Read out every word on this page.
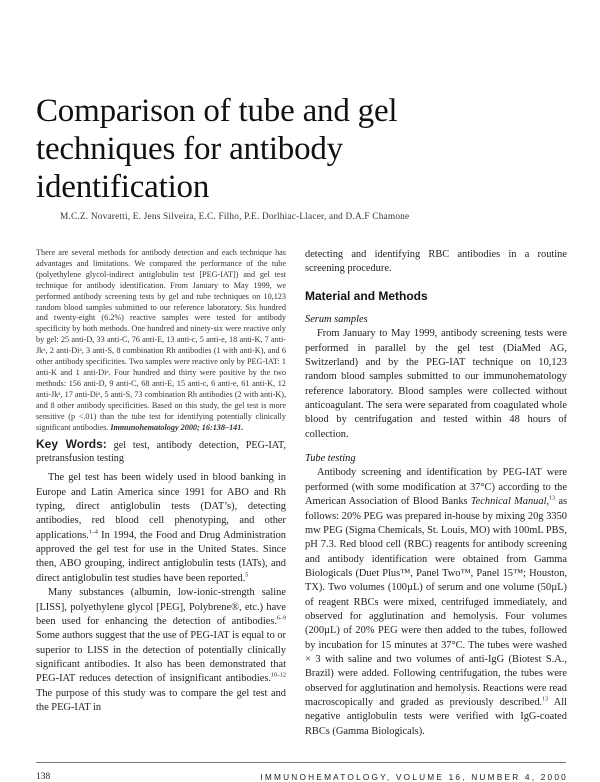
Comparison of tube and gel
techniques for antibody
identification
M.C.Z. Novaretti, E. Jens Silveira, E.C. Filho, P.E. Dorlhiac-Llacer, and D.A.F Chamone
There are several methods for antibody detection and each technique has advantages and limitations. We compared the performance of the tube (polyethylene glycol-indirect antiglobulin test [PEG-IAT]) and gel test technique for antibody identification. From January to May 1999, we performed antibody screening tests by gel and tube techniques on 10,123 random blood samples submitted to our reference laboratory. Six hundred and twenty-eight (6.2%) reactive samples were tested for antibody specificity by both methods. One hundred and ninety-six were reactive only by gel: 25 anti-D, 33 anti-C, 76 anti-E, 13 anti-c, 5 anti-e, 18 anti-K, 7 anti-Jkᵃ, 2 anti-Diᵃ, 3 anti-S, 8 combination Rh antibodies (1 with anti-K), and 6 other antibody specificities. Two samples were reactive only by PEG-IAT: 1 anti-K and 1 anti-Diᵃ. Four hundred and thirty were positive by the two methods: 156 anti-D, 9 anti-C, 68 anti-E, 15 anti-c, 6 anti-e, 61 anti-K, 12 anti-Jkᵃ, 17 anti-Diᵃ, 5 anti-S, 73 combination Rh antibodies (2 with anti-K), and 8 other antibody specificities. Based on this study, the gel test is more sensitive (p <.01) than the tube test for identifying potentially clinically significant antibodies. Immunohematology 2000; 16:138–141.
Key Words: gel test, antibody detection, PEG-IAT, pretransfusion testing

The gel test has been widely used in blood banking in Europe and Latin America since 1991 for ABO and Rh typing, direct antiglobulin tests (DAT’s), detecting antibodies, red blood cell phenotyping, and other applications.$^{1-4}$ In 1994, the Food and Drug Administration approved the gel test for use in the United States. Since then, ABO grouping, indirect antiglobulin tests (IATs), and direct antiglobulin test studies have been reported.$^5$

Many substances (albumin, low-ionic-strength saline [LISS], polyethylene glycol [PEG], Polybrene®, etc.) have been used for enhancing the detection of antibodies.$^{6-9}$ Some authors suggest that the use of PEG-IAT is equal to or superior to LISS in the detection of potentially clinically significant antibodies. It also has been demonstrated that PEG-IAT reduces detection of insignificant antibodies.$^{10-12}$ The purpose of this study was to compare the gel test and the PEG-IAT in

detecting and identifying RBC antibodies in a routine screening procedure.

Material and Methods
Serum samples

From January to May 1999, antibody screening tests were performed in parallel by the gel test (DiaMed AG, Switzerland) and by the PEG-IAT technique on 10,123 random blood samples submitted to our immunohematology reference laboratory. Blood samples were collected without anticoagulant. The sera were separated from coagulated whole blood by centrifugation and tested within 48 hours of collection.

Tube testing

Antibody screening and identification by PEG-IAT were performed (with some modification at 37°C) according to the American Association of Blood Banks Technical Manual,$^{13}$ as follows: 20% PEG was prepared in-house by mixing 20g 3350 mw PEG (Sigma Chemicals, St. Louis, MO) with 100mL PBS, pH 7.3. Red blood cell (RBC) reagents for antibody screening and antibody identification were obtained from Gamma Biologicals (Duet Plus™, Panel Two™, Panel 15™; Houston, TX). Two volumes (100µL) of serum and one volume (50µL) of reagent RBCs were mixed, centrifuged immediately, and observed for agglutination and hemolysis. Four volumes (200µL) of 20% PEG were then added to the tubes, followed by incubation for 15 minutes at 37°C. The tubes were washed × 3 with saline and two volumes of anti-IgG (Biotest S.A., Brazil) were added. Following centrifugation, the tubes were observed for agglutination and hemolysis. Reactions were read macroscopically and graded as previously described.$^{13}$ All negative antiglobulin tests were verified with IgG-coated RBCs (Gamma Biologicals).

138	IMMUNOHEMATOLOGY, VOLUME 16, NUMBER 4, 2000
